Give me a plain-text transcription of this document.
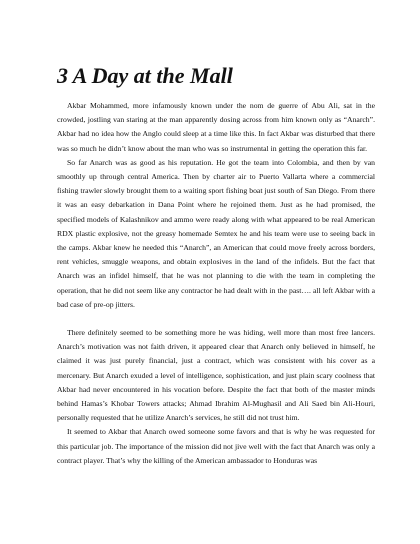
3 A Day at the Mall

Akbar Mohammed, more infamously known under the nom de guerre of Abu Ali, sat in the crowded, jostling van staring at the man apparently dosing across from him known only as “Anarch”. Akbar had no idea how the Anglo could sleep at a time like this. In fact Akbar was disturbed that there was so much he didn’t know about the man who was so instrumental in getting the operation this far.

So far Anarch was as good as his reputation. He got the team into Colombia, and then by van smoothly up through central America. Then by charter air to Puerto Vallarta where a commercial fishing trawler slowly brought them to a waiting sport fishing boat just south of San Diego. From there it was an easy debarkation in Dana Point where he rejoined them. Just as he had promised, the specified models of Kalashnikov and ammo were ready along with what appeared to be real American RDX plastic explosive, not the greasy homemade Semtex he and his team were use to seeing back in the camps. Akbar knew he needed this “Anarch”, an American that could move freely across borders, rent vehicles, smuggle weapons, and obtain explosives in the land of the infidels. But the fact that Anarch was an infidel himself, that he was not planning to die with the team in completing the operation, that he did not seem like any contractor he had dealt with in the past…. all left Akbar with a bad case of pre-op jitters.

There definitely seemed to be something more he was hiding, well more than most free lancers. Anarch’s motivation was not faith driven, it appeared clear that Anarch only believed in himself, he claimed it was just purely financial, just a contract, which was consistent with his cover as a mercenary. But Anarch exuded a level of intelligence, sophistication, and just plain scary coolness that Akbar had never encountered in his vocation before. Despite the fact that both of the master minds behind Hamas’s Khobar Towers attacks; Ahmad Ibrahim Al-Mughasil and Ali Saed bin Ali-Houri, personally requested that he utilize Anarch’s services, he still did not trust him.

It seemed to Akbar that Anarch owed someone some favors and that is why he was requested for this particular job. The importance of the mission did not jive well with the fact that Anarch was only a contract player. That’s why the killing of the American ambassador to Honduras was
